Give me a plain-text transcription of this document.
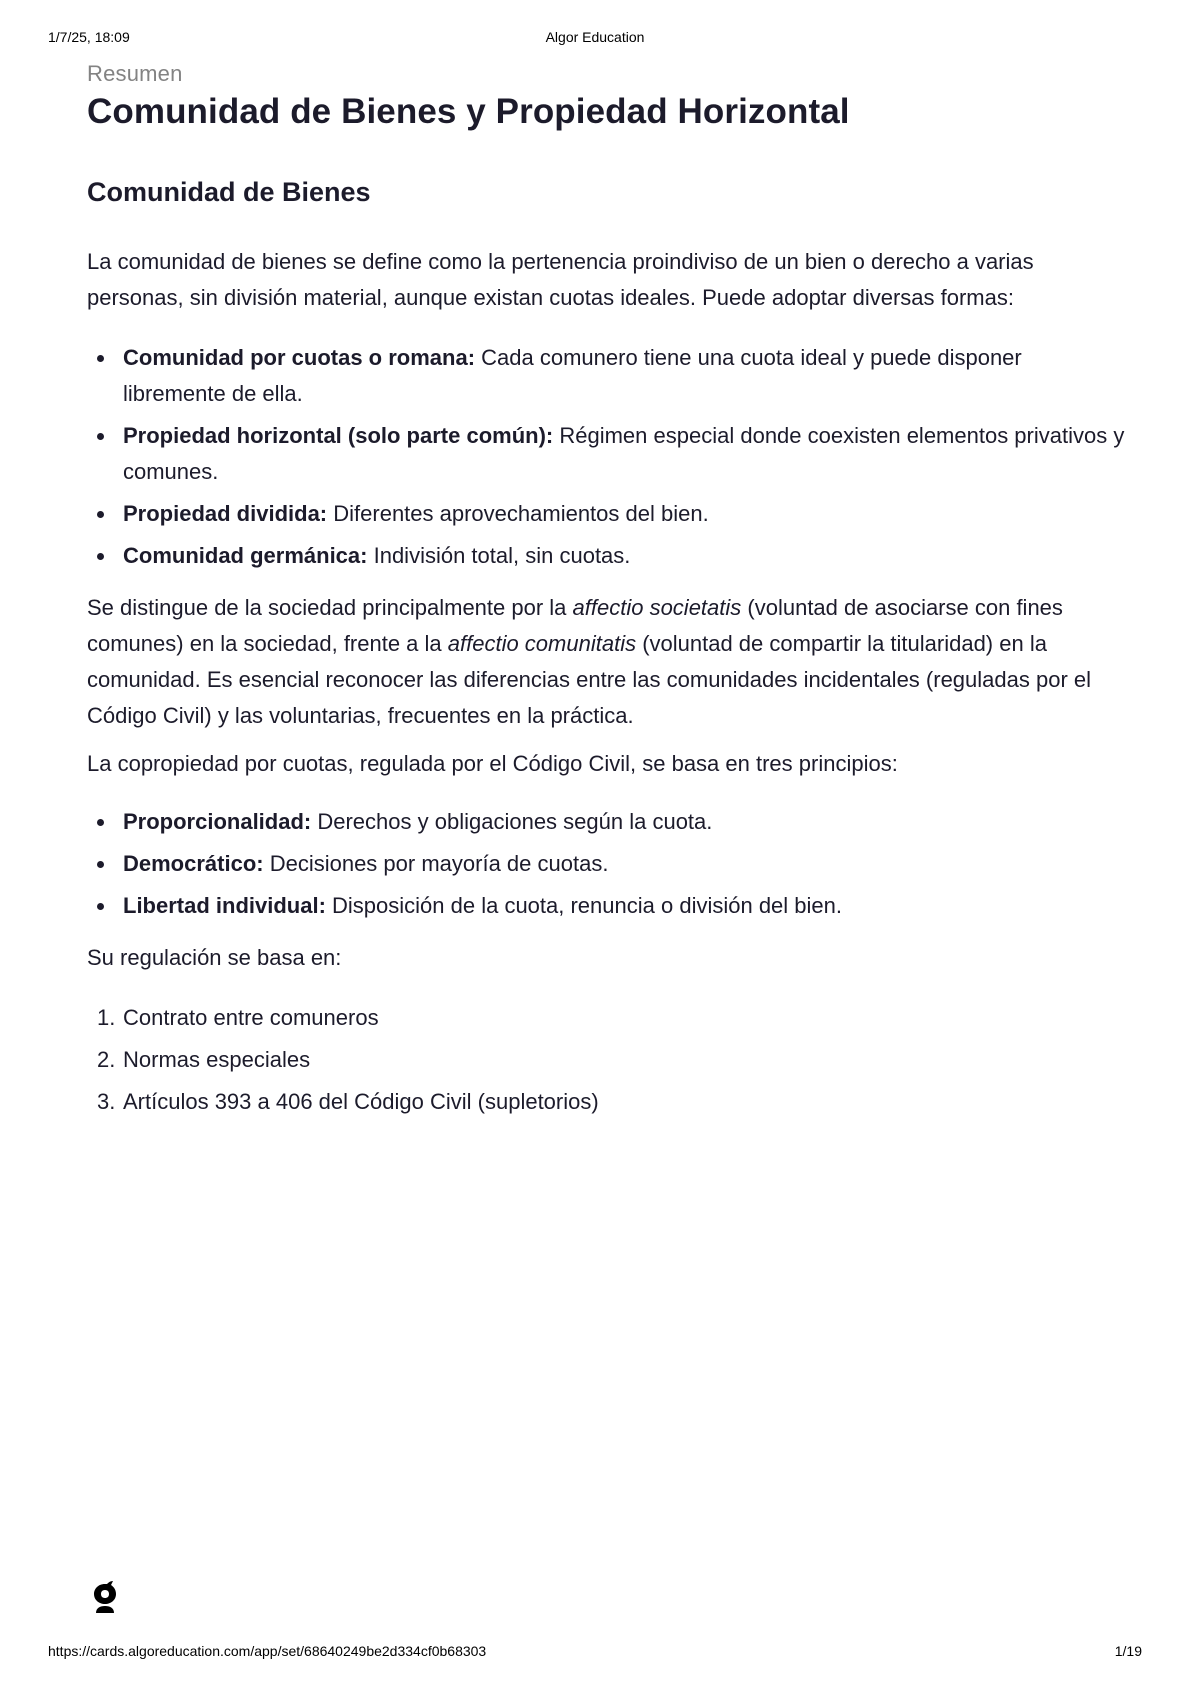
1/7/25, 18:09	Algor Education

Resumen

Comunidad de Bienes y Propiedad Horizontal
Comunidad de Bienes

La comunidad de bienes se define como la pertenencia proindiviso de un bien o derecho a varias personas, sin división material, aunque existan cuotas ideales. Puede adoptar diversas formas:

Comunidad por cuotas o romana: Cada comunero tiene una cuota ideal y puede disponer libremente de ella.
Propiedad horizontal (solo parte común): Régimen especial donde coexisten elementos privativos y comunes.
Propiedad dividida: Diferentes aprovechamientos del bien.
Comunidad germánica: Indivisión total, sin cuotas.

Se distingue de la sociedad principalmente por la affectio societatis (voluntad de asociarse con fines comunes) en la sociedad, frente a la affectio comunitatis (voluntad de compartir la titularidad) en la comunidad. Es esencial reconocer las diferencias entre las comunidades incidentales (reguladas por el Código Civil) y las voluntarias, frecuentes en la práctica.

La copropiedad por cuotas, regulada por el Código Civil, se basa en tres principios:

Proporcionalidad: Derechos y obligaciones según la cuota.
Democrático: Decisiones por mayoría de cuotas.
Libertad individual: Disposición de la cuota, renuncia o división del bien.

Su regulación se basa en:

1. Contrato entre comuneros
2. Normas especiales
3. Artículos 393 a 406 del Código Civil (supletorios)
https://cards.algoreducation.com/app/set/68640249be2d334cf0b68303	1/19
